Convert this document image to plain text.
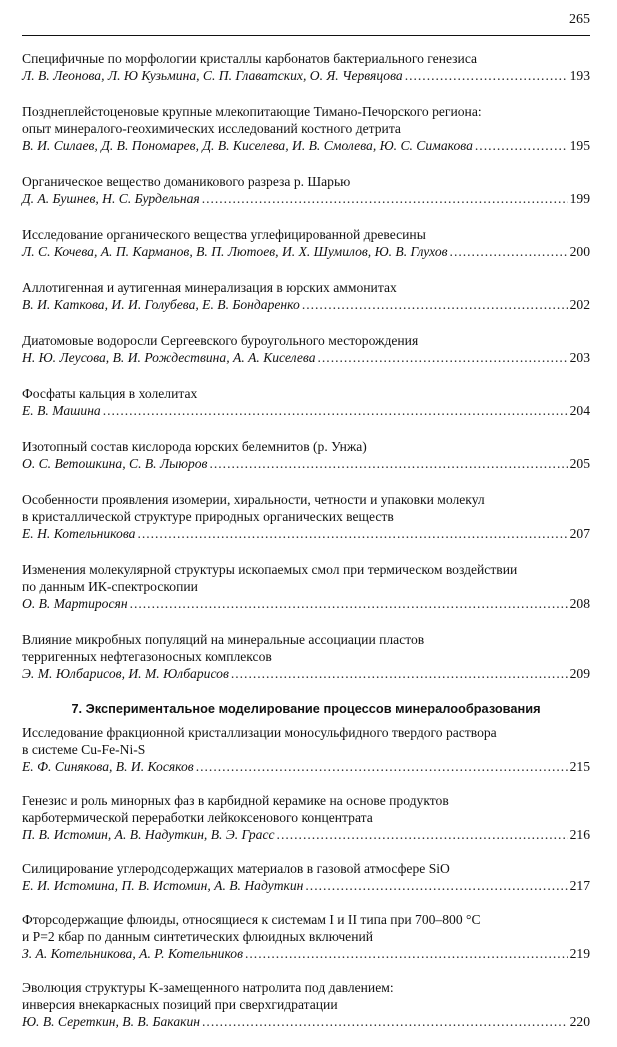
265
Специфичные по морфологии кристаллы карбонатов бактериального генезиса
Л. В. Леонова, Л. Ю Кузьмина, С. П. Главатских, О. Я. Червяцова .....	193
Позднеплейстоценовые крупные млекопитающие Тимано-Печорского региона:
опыт минералого-геохимических исследований костного детрита
В. И. Силаев, Д. В. Пономарев, Д. В. Киселева, И. В. Смолева, Ю. С. Симакова .....	195
Органическое вещество доманикового разреза р. Шарью
Д. А. Бушнев, Н. С. Бурдельная .....	199
Исследование органического вещества углефицированной древесины
Л. С. Кочева, А. П. Карманов, В. П. Лютоев, И. Х. Шумилов, Ю. В. Глухов .....	200
Аллотигенная и аутигенная минерализация в юрских аммонитах
В. И. Каткова, И. И. Голубева, Е. В. Бондаренко .....	202
Диатомовые водоросли Сергеевского буроугольного месторождения
Н. Ю. Леусова, В. И. Рождествина, А. А. Киселева .....	203
Фосфаты кальция в холелитах
Е. В. Машина .....	204
Изотопный состав кислорода юрских белемнитов (р. Унжа)
О. С. Ветошкина, С. В. Лыюров .....	205
Особенности проявления изомерии, хиральности, четности и упаковки молекул
в кристаллической структуре природных органических веществ
Е. Н. Котельникова .....	207
Изменения молекулярной структуры ископаемых смол при термическом воздействии
по данным ИК-спектроскопии
О. В. Мартиросян .....	208
Влияние микробных популяций на минеральные ассоциации пластов
терригенных нефтегазоносных комплексов
Э. М. Юлбарисов, И. М. Юлбарисов .....	209
7. Экспериментальное моделирование процессов минералообразования
Исследование фракционной кристаллизации моносульфидного твердого раствора
в системе Cu-Fe-Ni-S
Е. Ф. Синякова, В. И. Косяков .....	215
Генезис и роль минорных фаз в карбидной керамике на основе продуктов
карботермической переработки лейкоксенового концентрата
П. В. Истомин, А. В. Надуткин, В. Э. Грасс .....	216
Силицирование углеродсодержащих материалов в газовой атмосфере SiO
Е. И. Истомина, П. В. Истомин, А. В. Надуткин .....	217
Фторсодержащие флюиды, относящиеся к системам I и II типа при 700–800 °C
и P=2 кбар по данным синтетических флюидных включений
З. А. Котельникова, А. Р. Котельников .....	219
Эволюция структуры K-замещенного натролита под давлением:
инверсия внекаркасных позиций при сверхгидратации
Ю. В. Сереткин, В. В. Бакакин .....	220
